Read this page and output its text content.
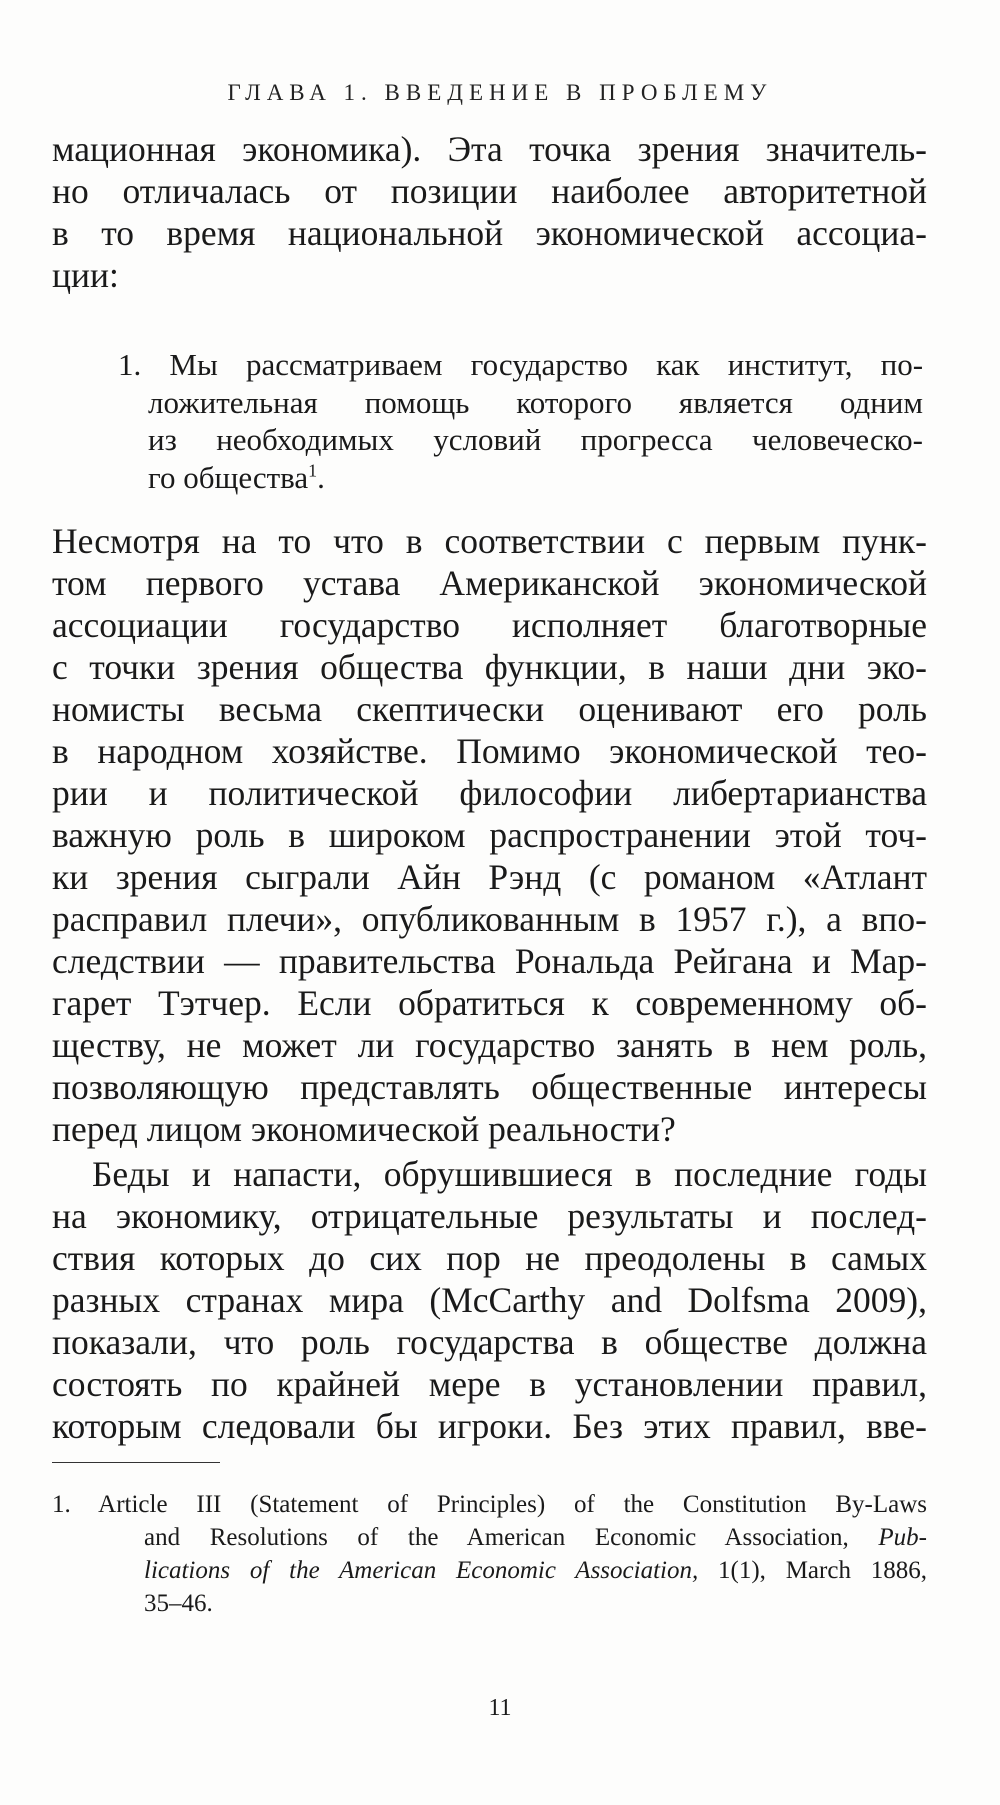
ГЛАВА 1. ВВЕДЕНИЕ В ПРОБЛЕМУ

мационная экономика). Эта точка зрения значитель-
но отличалась от позиции наиболее авторитетной
в то время национальной экономической ассоциа-
ции:

1. Мы рассматриваем государство как институт, по-
ложительная помощь которого является одним
из необходимых условий прогресса человеческо-
го общества$^1$.

Несмотря на то что в соответствии с первым пунк-
том первого устава Американской экономической
ассоциации государство исполняет благотворные
с точки зрения общества функции, в наши дни эко-
номисты весьма скептически оценивают его роль
в народном хозяйстве. Помимо экономической тео-
рии и политической философии либертарианства
важную роль в широком распространении этой точ-
ки зрения сыграли Айн Рэнд (с романом «Атлант
расправил плечи», опубликованным в 1957 г.), а впо-
следствии — правительства Рональда Рейгана и Мар-
гарет Тэтчер. Если обратиться к современному об-
ществу, не может ли государство занять в нем роль,
позволяющую представлять общественные интересы
перед лицом экономической реальности?

Беды и напасти, обрушившиеся в последние годы
на экономику, отрицательные результаты и послед-
ствия которых до сих пор не преодолены в самых
разных странах мира (McCarthy and Dolfsma 2009),
показали, что роль государства в обществе должна
состоять по крайней мере в установлении правил,
которым следовали бы игроки. Без этих правил, вве-

1. Article III (Statement of Principles) of the Constitution By-Laws
and Resolutions of the American Economic Association, Pub-
lications of the American Economic Association, 1(1), March 1886,
35–46.
11
